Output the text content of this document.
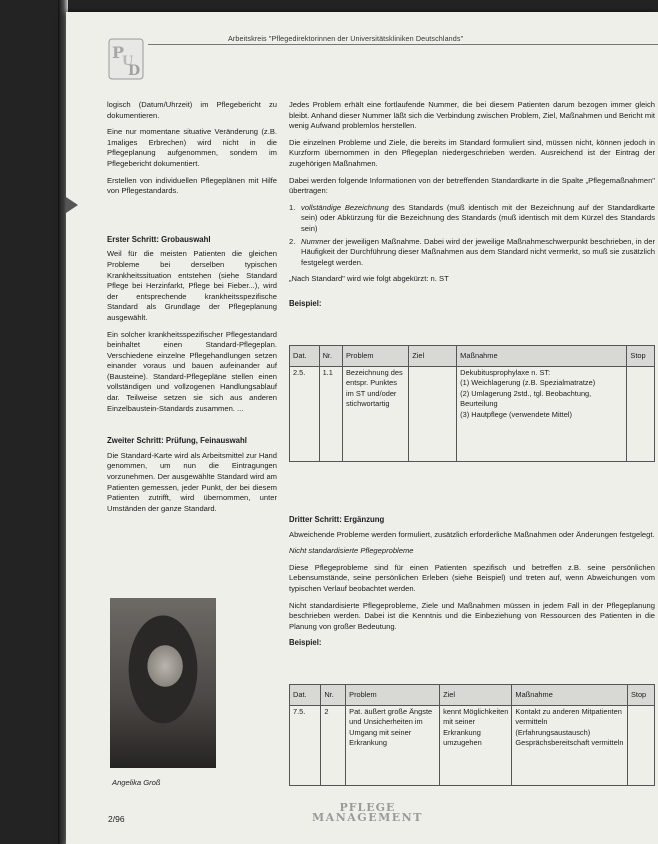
P
U
D
Arbeitskreis "Pflegedirektorinnen der Universitätskliniken Deutschlands"

logisch (Datum/Uhrzeit) im Pflegebericht zu dokumentieren.

Eine nur momentane situative Veränderung (z.B. 1maliges Erbrechen) wird nicht in die Pflegeplanung aufgenommen, sondern im Pflegebericht dokumentiert.

Erstellen von individuellen Pflegeplänen mit Hilfe von Pflegestandards.

Erster Schritt: Grobauswahl

Weil für die meisten Patienten die gleichen Probleme bei derselben typischen Krankheitssituation entstehen (siehe Standard Pflege bei Herzinfarkt, Pflege bei Fieber...), wird der entsprechende krankheitsspezifische Standard als Grundlage der Pflegeplanung ausgewählt.

Ein solcher krankheitsspezifischer Pflegestandard beinhaltet einen Standard-Pflegeplan. Verschiedene einzelne Pflegehandlungen setzen einander voraus und bauen aufeinander auf (Bausteine). Standard-Pflegepläne stellen einen vollständigen und vollzogenen Handlungsablauf dar. Teilweise setzen sie sich aus anderen Einzelbaustein-Standards zusammen. ...

Zweiter Schritt: Prüfung, Feinauswahl

Die Standard-Karte wird als Arbeitsmittel zur Hand genommen, um nun die Eintragungen vorzunehmen. Der ausgewählte Standard wird am Patienten gemessen, jeder Punkt, der bei diesem Patienten zutrifft, wird übernommen, unter Umständen der ganze Standard.

Angelika Groß

Jedes Problem erhält eine fortlaufende Nummer, die bei diesem Patienten darum bezogen immer gleich bleibt. Anhand dieser Nummer läßt sich die Verbindung zwischen Problem, Ziel, Maßnahmen und Bericht mit wenig Aufwand problemlos herstellen.

Die einzelnen Probleme und Ziele, die bereits im Standard formuliert sind, müssen nicht, können jedoch in Kurzform übernommen in den Pflegeplan niedergeschrieben werden. Ausreichend ist der Eintrag der zugehörigen Maßnahmen.

Dabei werden folgende Informationen von der betreffenden Standardkarte in die Spalte „Pflegemaßnahmen" übertragen:

1. vollständige Bezeichnung des Standards (muß identisch mit der Bezeichnung auf der Standardkarte sein) oder Abkürzung für die Bezeichnung des Standards (muß identisch mit dem Kürzel des Standards sein)
2. Nummer der jeweiligen Maßnahme. Dabei wird der jeweilige Maßnahmeschwerpunkt beschrieben, in der Häufigkeit der Durchführung dieser Maßnahmen aus dem Standard nicht vermerkt, so muß sie zusätzlich festgelegt werden.

„Nach Standard" wird wie folgt abgekürzt: n. ST

Beispiel:
Dat.	Nr.	Problem	Ziel	Maßnahme	Stop
2.5.	1.1	Bezeichnung des entspr. Punktes im ST und/oder stichwortartig		Dekubitusprophylaxe n. ST:
(1) Weichlagerung (z.B. Spezialmatratze)
(2) Umlagerung 2std., tgl. Beobachtung, Beurteilung
(3) Hautpflege (verwendete Mittel)	

Dritter Schritt: Ergänzung

Abweichende Probleme werden formuliert, zusätzlich erforderliche Maßnahmen oder Änderungen festgelegt.

Nicht standardisierte Pflegeprobleme

Diese Pflegeprobleme sind für einen Patienten spezifisch und betreffen z.B. seine persönlichen Lebensumstände, seine persönlichen Erleben (siehe Beispiel) und treten auf, wenn Abweichungen vom typischen Verlauf beobachtet werden.

Nicht standardisierte Pflegeprobleme, Ziele und Maßnahmen müssen in jedem Fall in der Pflegeplanung beschrieben werden. Dabei ist die Kenntnis und die Einbeziehung von Ressourcen des Patienten in die Planung von großer Bedeutung.

Beispiel:
Dat.	Nr.	Problem	Ziel	Maßnahme	Stop
7.5.	2	Pat. äußert große Ängste und Unsicherheiten im Umgang mit seiner Erkrankung	kennt Möglichkeiten mit seiner Erkrankung umzugehen	Kontakt zu anderen Mitpatienten vermitteln (Erfahrungsaustausch) Gesprächsbereitschaft vermitteln	
2/96
PFLEGE
MANAGEMENT
